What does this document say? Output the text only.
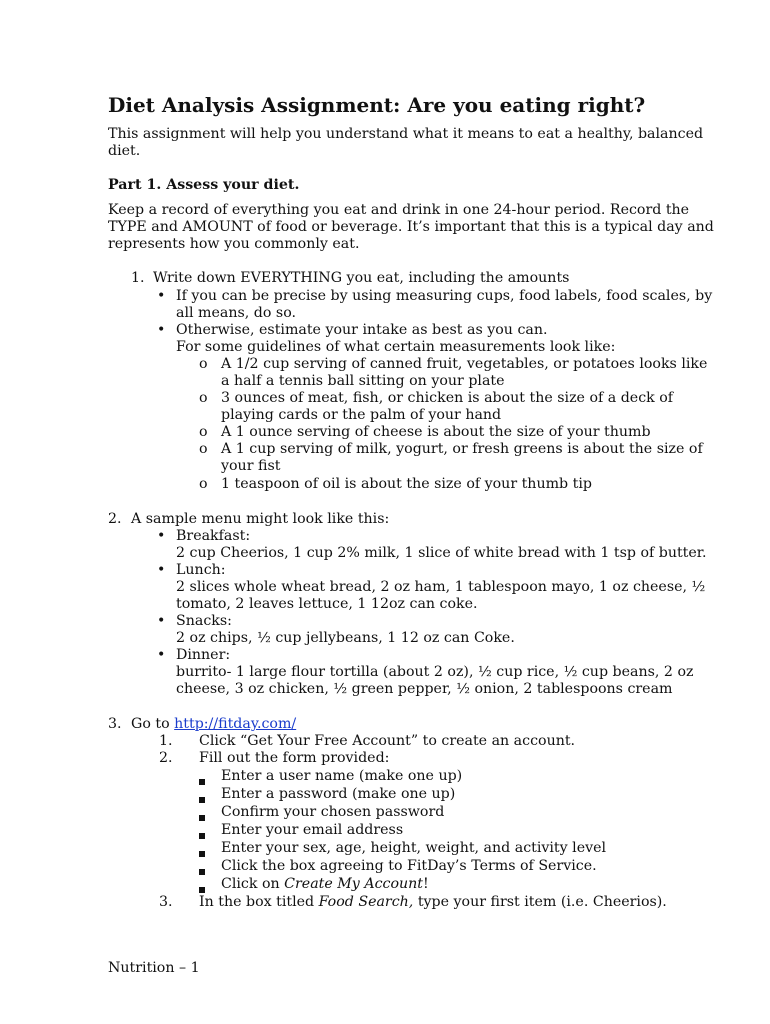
Diet Analysis Assignment: Are you eating right?
This assignment will help you understand what it means to eat a healthy, balanced
diet.
Part 1. Assess your diet.
Keep a record of everything you eat and drink in one 24-hour period. Record the
TYPE and AMOUNT of food or beverage. It’s important that this is a typical day and
represents how you commonly eat.
1. Write down EVERYTHING you eat, including the amounts
• If you can be precise by using measuring cups, food labels, food scales, by
all means, do so.
• Otherwise, estimate your intake as best as you can.
For some guidelines of what certain measurements look like:
o A 1/2 cup serving of canned fruit, vegetables, or potatoes looks like
a half a tennis ball sitting on your plate
o 3 ounces of meat, fish, or chicken is about the size of a deck of
playing cards or the palm of your hand
o A 1 ounce serving of cheese is about the size of your thumb
o A 1 cup serving of milk, yogurt, or fresh greens is about the size of
your fist
o 1 teaspoon of oil is about the size of your thumb tip
2. A sample menu might look like this:
• Breakfast:
2 cup Cheerios, 1 cup 2% milk, 1 slice of white bread with 1 tsp of butter.
• Lunch:
2 slices whole wheat bread, 2 oz ham, 1 tablespoon mayo, 1 oz cheese, ½
tomato, 2 leaves lettuce, 1 12oz can coke.
• Snacks:
2 oz chips, ½ cup jellybeans, 1 12 oz can Coke.
• Dinner:
burrito- 1 large flour tortilla (about 2 oz), ½ cup rice, ½ cup beans, 2 oz
cheese, 3 oz chicken, ½ green pepper, ½ onion, 2 tablespoons cream
3. Go to http://fitday.com/
1. Click “Get Your Free Account” to create an account.
2. Fill out the form provided:
Enter a user name (make one up)
Enter a password (make one up)
Confirm your chosen password
Enter your email address
Enter your sex, age, height, weight, and activity level
Click the box agreeing to FitDay’s Terms of Service.
Click on Create My Account!
3. In the box titled Food Search, type your first item (i.e. Cheerios).
Nutrition – 1
